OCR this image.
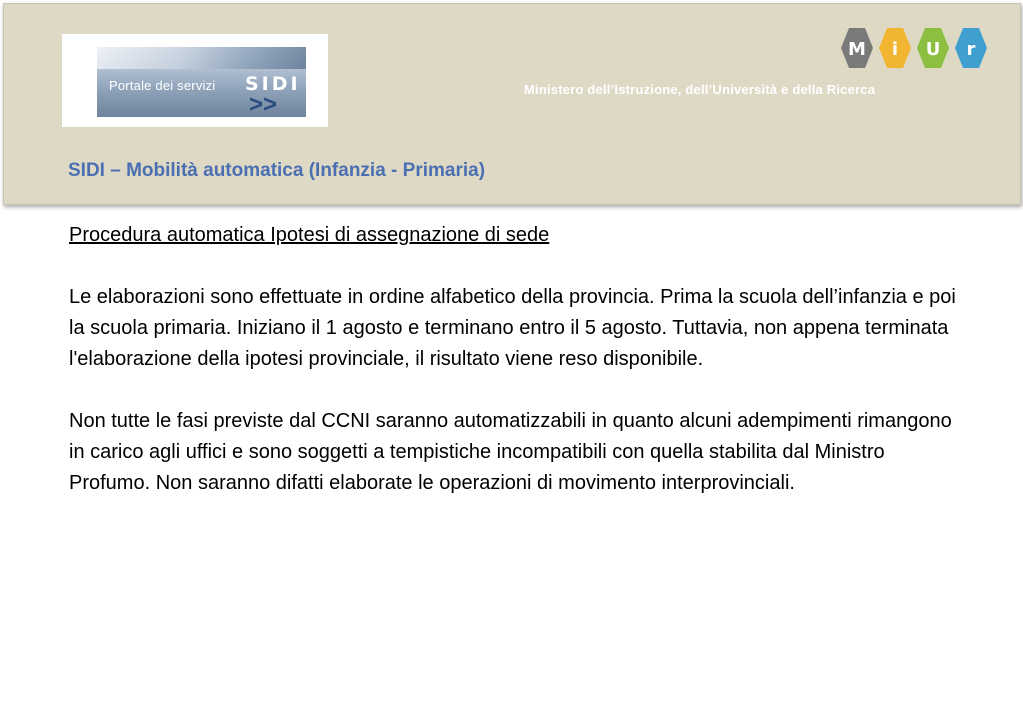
Portale dei servizi SIDI
>>
M i U r
Ministero dell’Istruzione, dell’Università e della Ricerca
SIDI – Mobilità automatica (Infanzia - Primaria)

Procedura automatica Ipotesi di assegnazione di sede

Le elaborazioni sono effettuate in ordine alfabetico della provincia. Prima la scuola dell’infanzia e poi la scuola primaria. Iniziano il 1 agosto e terminano entro il 5 agosto. Tuttavia, non appena terminata l'elaborazione della ipotesi provinciale, il risultato viene reso disponibile.

Non tutte le fasi previste dal CCNI saranno automatizzabili in quanto alcuni adempimenti rimangono in carico agli uffici e sono soggetti a tempistiche incompatibili con quella stabilita dal Ministro Profumo. Non saranno difatti elaborate le operazioni di movimento interprovinciali.
